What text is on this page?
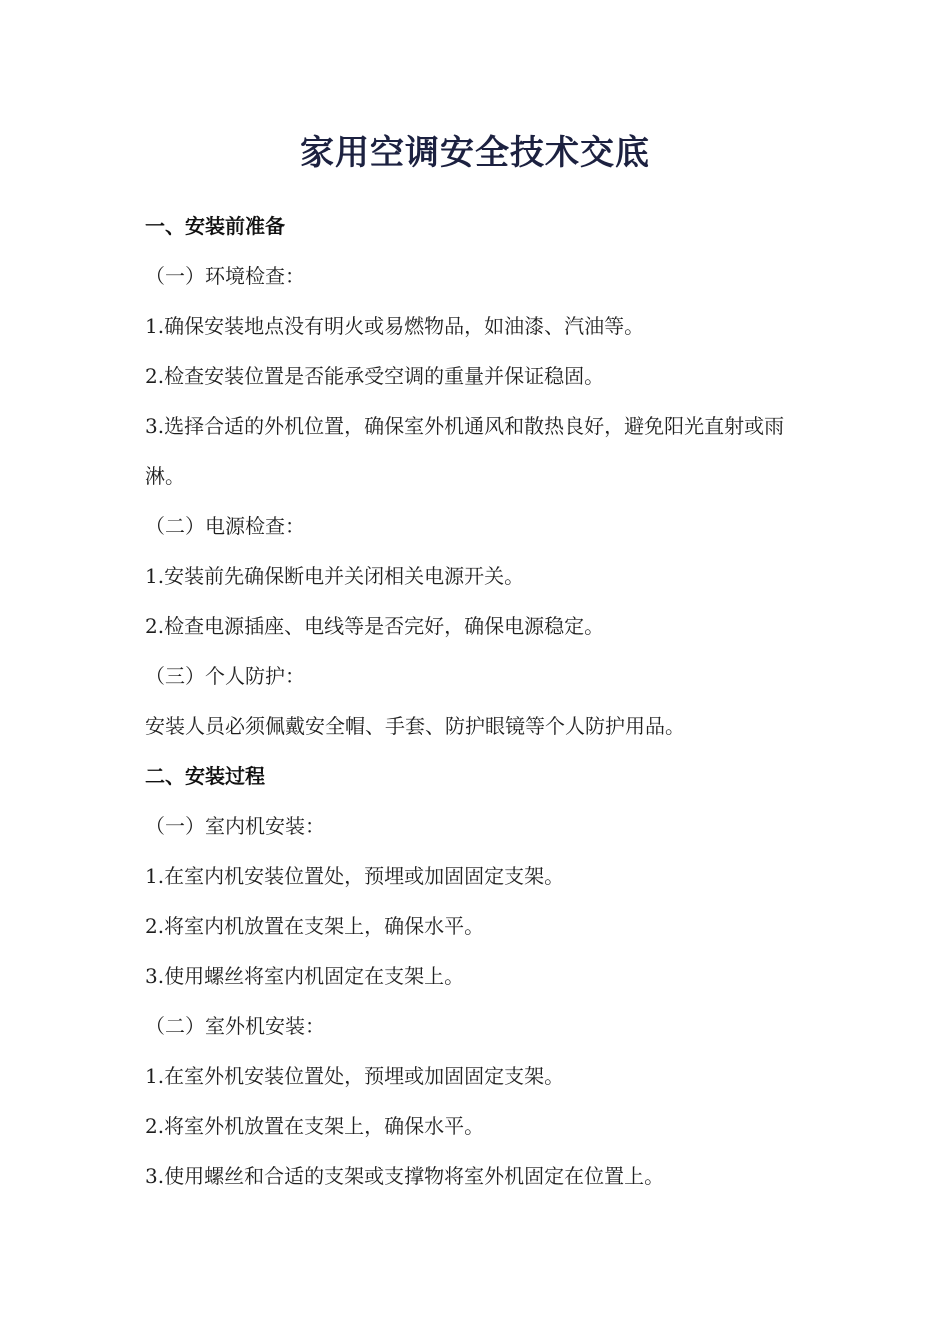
家用空调安全技术交底
一、安装前准备
（一）环境检查：
1.确保安装地点没有明火或易燃物品，如油漆、汽油等。
2.检查安装位置是否能承受空调的重量并保证稳固。
3.选择合适的外机位置，确保室外机通风和散热良好，避免阳光直射或雨淋。
（二）电源检查：
1.安装前先确保断电并关闭相关电源开关。
2.检查电源插座、电线等是否完好，确保电源稳定。
（三）个人防护：
安装人员必须佩戴安全帽、手套、防护眼镜等个人防护用品。
二、安装过程
（一）室内机安装：
1.在室内机安装位置处，预埋或加固固定支架。
2.将室内机放置在支架上，确保水平。
3.使用螺丝将室内机固定在支架上。
（二）室外机安装：
1.在室外机安装位置处，预埋或加固固定支架。
2.将室外机放置在支架上，确保水平。
3.使用螺丝和合适的支架或支撑物将室外机固定在位置上。
